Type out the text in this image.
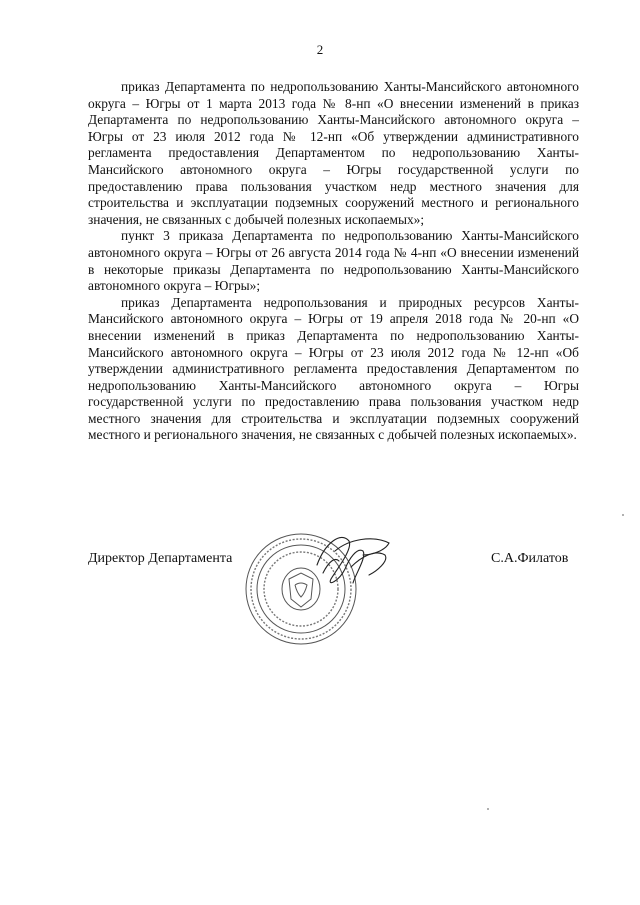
2

приказ Департамента по недропользованию Ханты-Мансийского автономного округа – Югры от 1 марта 2013 года № 8-нп «О внесении изменений в приказ Департамента по недропользованию Ханты-Мансийского автономного округа – Югры от 23 июля 2012 года № 12-нп «Об утверждении административного регламента предоставления Департаментом по недропользованию Ханты-Мансийского автономного округа – Югры государственной услуги по предоставлению права пользования участком недр местного значения для строительства и эксплуатации подземных сооружений местного и регионального значения, не связанных с добычей полезных ископаемых»;

пункт 3 приказа Департамента по недропользованию Ханты-Мансийского автономного округа – Югры от 26 августа 2014 года № 4-нп «О внесении изменений в некоторые приказы Департамента по недропользованию Ханты-Мансийского автономного округа – Югры»;

приказ Департамента недропользования и природных ресурсов Ханты-Мансийского автономного округа – Югры от 19 апреля 2018 года № 20-нп «О внесении изменений в приказ Департамента по недропользованию Ханты-Мансийского автономного округа – Югры от 23 июля 2012 года № 12-нп «Об утверждении административного регламента предоставления Департаментом по недропользованию Ханты-Мансийского автономного округа – Югры государственной услуги по предоставлению права пользования участком недр местного значения для строительства и эксплуатации подземных сооружений местного и регионального значения, не связанных с добычей полезных ископаемых».

Директор Департамента	С.А.Филатов
